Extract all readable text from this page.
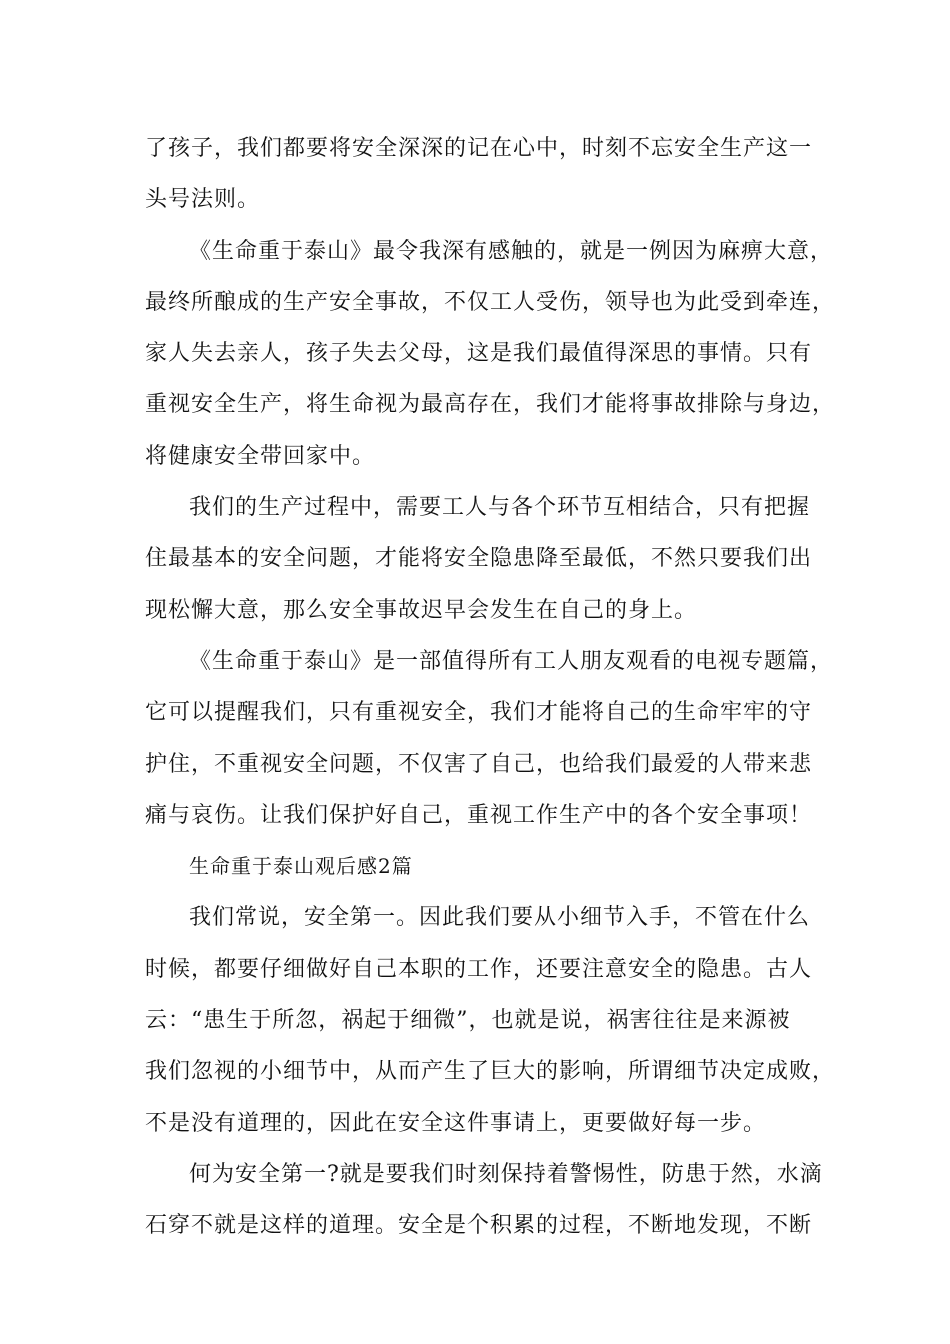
了孩子，我们都要将安全深深的记在心中，时刻不忘安全生产这一
头号法则。
《生命重于泰山》最令我深有感触的，就是一例因为麻痹大意，
最终所酿成的生产安全事故，不仅工人受伤，领导也为此受到牵连，
家人失去亲人，孩子失去父母，这是我们最值得深思的事情。只有
重视安全生产，将生命视为最高存在，我们才能将事故排除与身边，
将健康安全带回家中。
我们的生产过程中，需要工人与各个环节互相结合，只有把握
住最基本的安全问题，才能将安全隐患降至最低，不然只要我们出
现松懈大意，那么安全事故迟早会发生在自己的身上。
《生命重于泰山》是一部值得所有工人朋友观看的电视专题篇，
它可以提醒我们，只有重视安全，我们才能将自己的生命牢牢的守
护住，不重视安全问题，不仅害了自己，也给我们最爱的人带来悲
痛与哀伤。让我们保护好自己，重视工作生产中的各个安全事项！
生命重于泰山观后感2篇
我们常说，安全第一。因此我们要从小细节入手，不管在什么
时候，都要仔细做好自己本职的工作，还要注意安全的隐患。古人
云：“患生于所忽，祸起于细微”，也就是说，祸害往往是来源被
我们忽视的小细节中，从而产生了巨大的影响，所谓细节决定成败，
不是没有道理的，因此在安全这件事请上，更要做好每一步。
何为安全第一?就是要我们时刻保持着警惕性，防患于然，水滴
石穿不就是这样的道理。安全是个积累的过程，不断地发现，不断
